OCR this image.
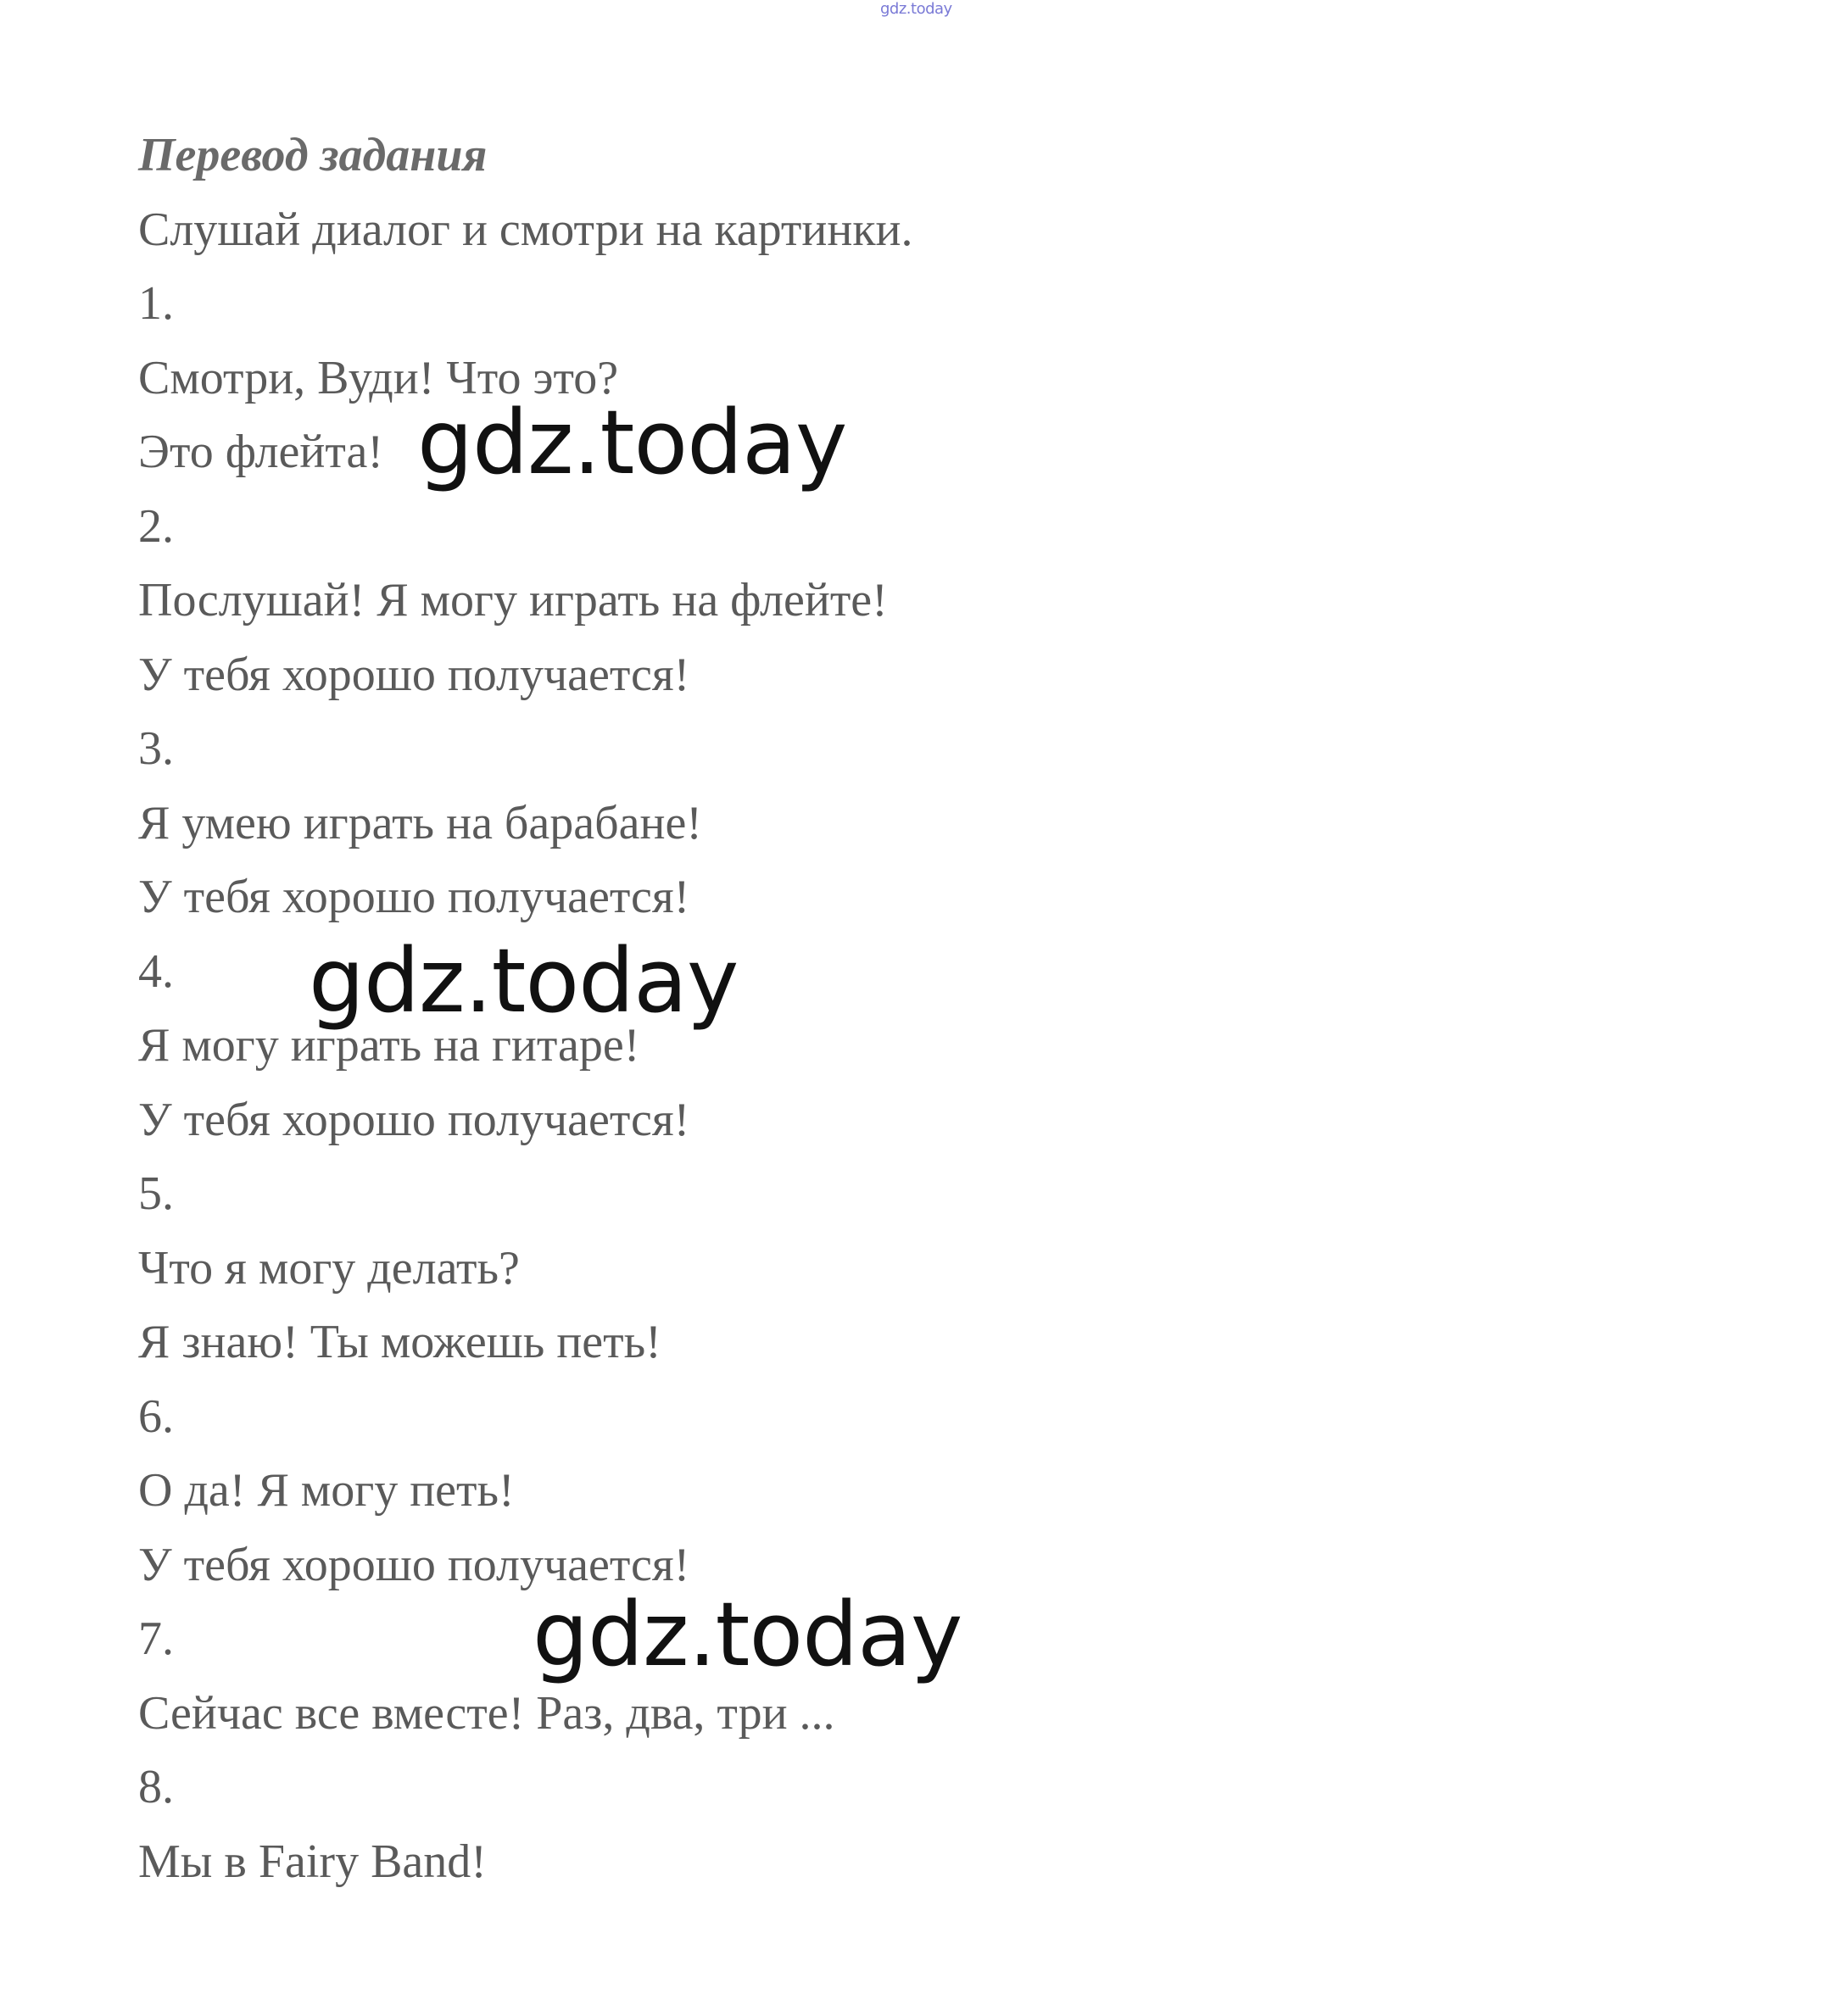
gdz.today
Перевод задания
Слушай диалог и смотри на картинки.
1.
Смотри, Вуди! Что это?
Это флейта!
2.
Послушай! Я могу играть на флейте!
У тебя хорошо получается!
3.
Я умею играть на барабане!
У тебя хорошо получается!
4.
Я могу играть на гитаре!
У тебя хорошо получается!
5.
Что я могу делать?
Я знаю! Ты можешь петь!
6.
О да! Я могу петь!
У тебя хорошо получается!
7.
Сейчас все вместе! Раз, два, три ...
8.
Мы в Fairy Band!
gdz.today
gdz.today
gdz.today
